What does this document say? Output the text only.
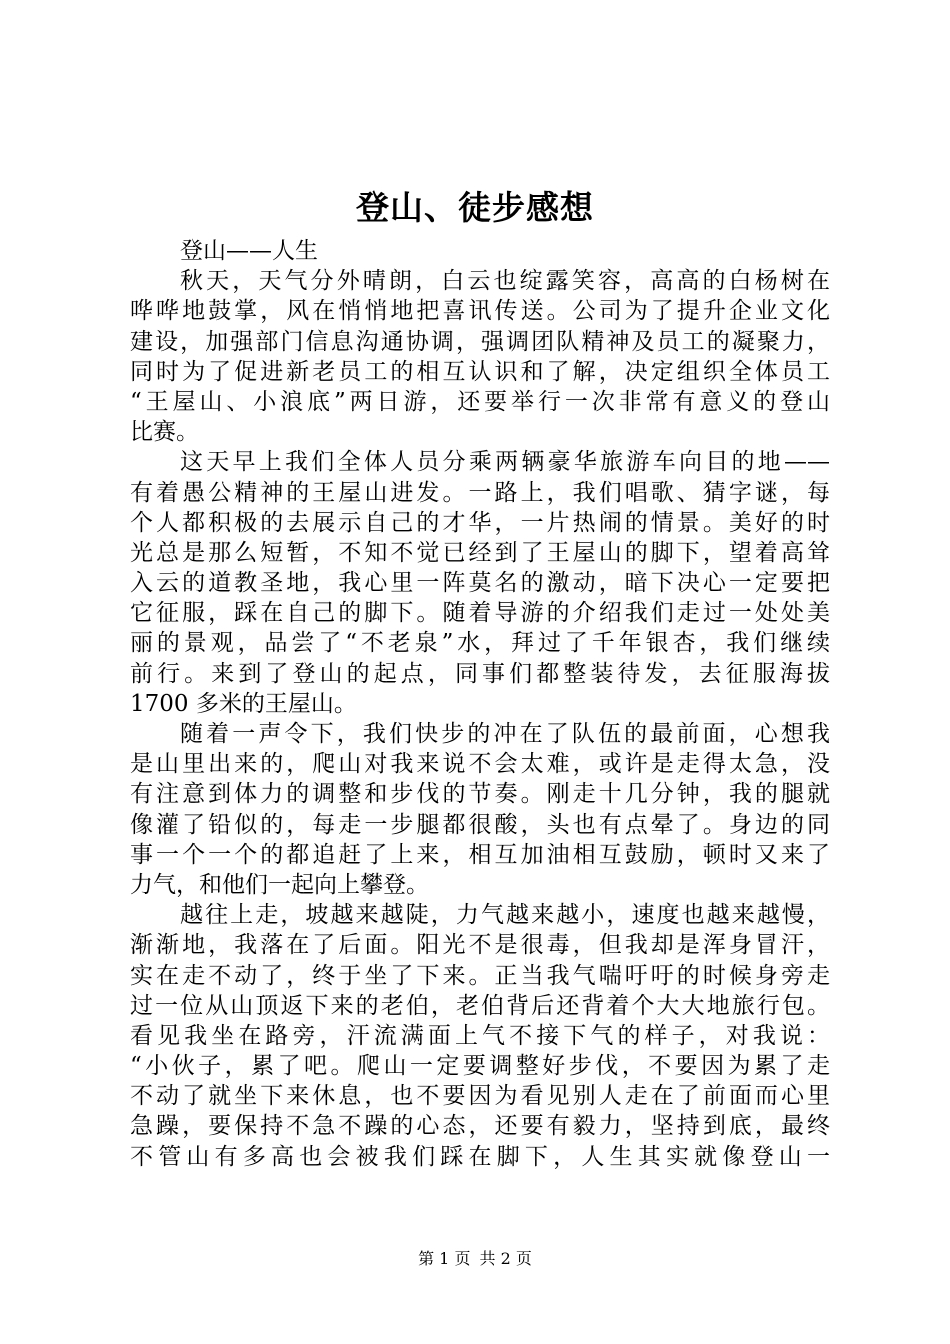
登山、徒步感想
登山——人生
秋天，天气分外晴朗，白云也绽露笑容，高高的白杨树在
哗哗地鼓掌，风在悄悄地把喜讯传送。公司为了提升企业文化
建设，加强部门信息沟通协调，强调团队精神及员工的凝聚力，
同时为了促进新老员工的相互认识和了解，决定组织全体员工
“王屋山、小浪底”两日游，还要举行一次非常有意义的登山
比赛。
这天早上我们全体人员分乘两辆豪华旅游车向目的地——
有着愚公精神的王屋山进发。一路上，我们唱歌、猜字谜，每
个人都积极的去展示自己的才华，一片热闹的情景。美好的时
光总是那么短暂，不知不觉已经到了王屋山的脚下，望着高耸
入云的道教圣地，我心里一阵莫名的激动，暗下决心一定要把
它征服，踩在自己的脚下。随着导游的介绍我们走过一处处美
丽的景观，品尝了“不老泉”水，拜过了千年银杏，我们继续
前行。来到了登山的起点，同事们都整装待发，去征服海拔
1700 多米的王屋山。
随着一声令下，我们快步的冲在了队伍的最前面，心想我
是山里出来的，爬山对我来说不会太难，或许是走得太急，没
有注意到体力的调整和步伐的节奏。刚走十几分钟，我的腿就
像灌了铅似的，每走一步腿都很酸，头也有点晕了。身边的同
事一个一个的都追赶了上来，相互加油相互鼓励，顿时又来了
力气，和他们一起向上攀登。
越往上走，坡越来越陡，力气越来越小，速度也越来越慢，
渐渐地，我落在了后面。阳光不是很毒，但我却是浑身冒汗，
实在走不动了，终于坐了下来。正当我气喘吁吁的时候身旁走
过一位从山顶返下来的老伯，老伯背后还背着个大大地旅行包。
看见我坐在路旁，汗流满面上气不接下气的样子，对我说：
“小伙子，累了吧。爬山一定要调整好步伐，不要因为累了走
不动了就坐下来休息，也不要因为看见别人走在了前面而心里
急躁，要保持不急不躁的心态，还要有毅力，坚持到底，最终
不管山有多高也会被我们踩在脚下，人生其实就像登山一
第 1 页 共 2 页
